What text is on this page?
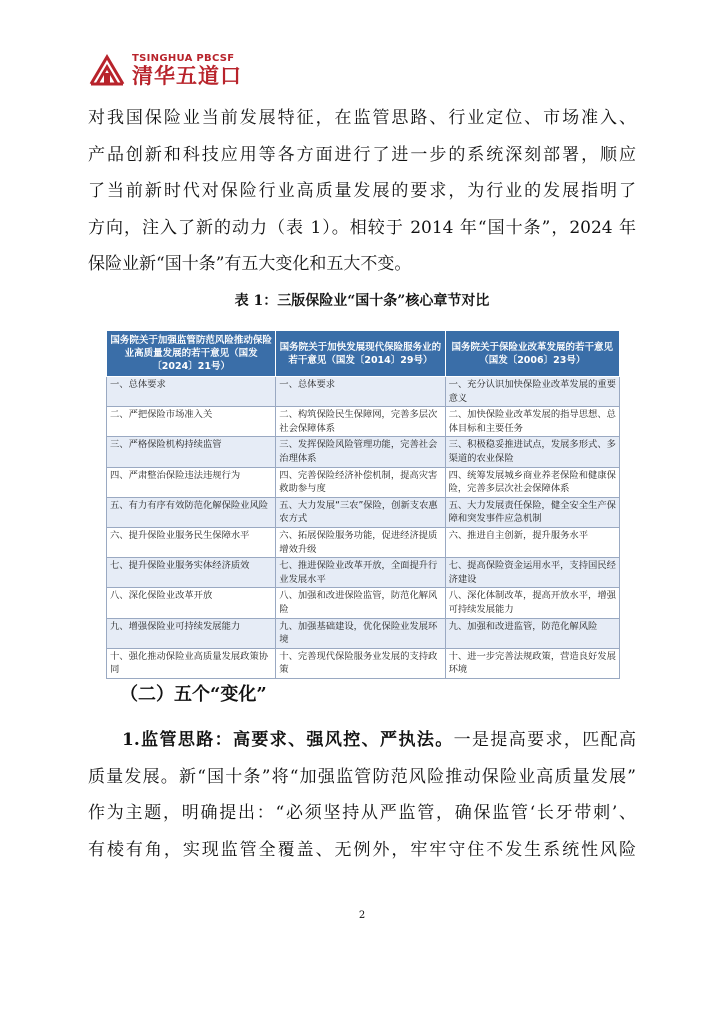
TSINGHUA PBCSF
清华五道口
对我国保险业当前发展特征，在监管思路、行业定位、市场准入、
产品创新和科技应用等各方面进行了进一步的系统深刻部署，顺应
了当前新时代对保险行业高质量发展的要求，为行业的发展指明了
方向，注入了新的动力（表 1）。相较于 2014 年“国十条”，2024 年
保险业新“国十条”有五大变化和五大不变。
表 1：三版保险业“国十条”核心章节对比
国务院关于加强监管防范风险推动保险业高质量发展的若干意见（国发〔2024〕21号）	国务院关于加快发展现代保险服务业的若干意见（国发〔2014〕29号）	国务院关于保险业改革发展的若干意见（国发〔2006〕23号）
一、总体要求	一、总体要求	一、充分认识加快保险业改革发展的重要意义
二、严把保险市场准入关	二、构筑保险民生保障网，完善多层次社会保障体系	二、加快保险业改革发展的指导思想、总体目标和主要任务
三、严格保险机构持续监管	三、发挥保险风险管理功能，完善社会治理体系	三、积极稳妥推进试点，发展多形式、多渠道的农业保险
四、严肃整治保险违法违规行为	四、完善保险经济补偿机制，提高灾害救助参与度	四、统筹发展城乡商业养老保险和健康保险，完善多层次社会保障体系
五、有力有序有效防范化解保险业风险	五、大力发展“三农”保险，创新支农惠农方式	五、大力发展责任保险，健全安全生产保障和突发事件应急机制
六、提升保险业服务民生保障水平	六、拓展保险服务功能，促进经济提质增效升级	六、推进自主创新，提升服务水平
七、提升保险业服务实体经济质效	七、推进保险业改革开放，全面提升行业发展水平	七、提高保险资金运用水平，支持国民经济建设
八、深化保险业改革开放	八、加强和改进保险监管，防范化解风险	八、深化体制改革，提高开放水平，增强可持续发展能力
九、增强保险业可持续发展能力	九、加强基础建设，优化保险业发展环境	九、加强和改进监管，防范化解风险
十、强化推动保险业高质量发展政策协同	十、完善现代保险服务业发展的支持政策	十、进一步完善法规政策，营造良好发展环境
（二）五个“变化”
1.监管思路：高要求、强风控、严执法。一是提高要求，匹配高
质量发展。新“国十条”将“加强监管防范风险推动保险业高质量发展”
作为主题，明确提出：“必须坚持从严监管，确保监管‘长牙带刺’、
有棱有角，实现监管全覆盖、无例外，牢牢守住不发生系统性风险
2
